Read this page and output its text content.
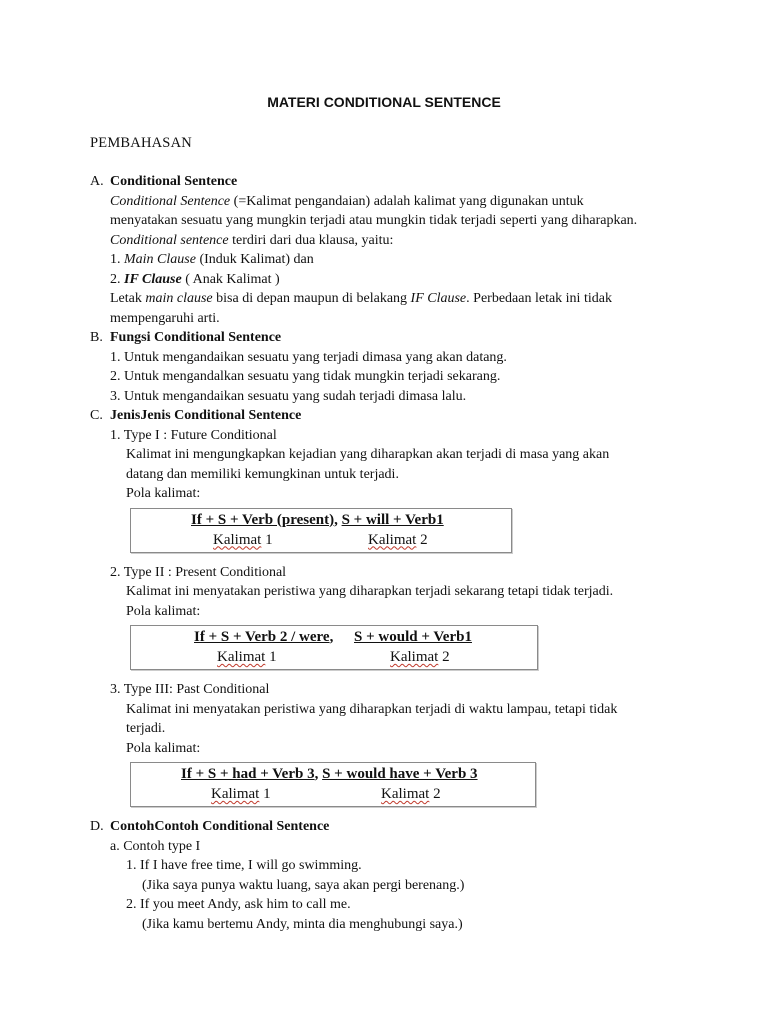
MATERI CONDITIONAL SENTENCE
PEMBAHASAN
A. Conditional Sentence
Conditional Sentence (=Kalimat pengandaian) adalah kalimat yang digunakan untuk
menyatakan sesuatu yang mungkin terjadi atau mungkin tidak terjadi seperti yang diharapkan.
Conditional sentence terdiri dari dua klausa, yaitu:
1. Main Clause (Induk Kalimat) dan
2. IF Clause ( Anak Kalimat )
Letak main clause bisa di depan maupun di belakang IF Clause. Perbedaan letak ini tidak
mempengaruhi arti.
B. Fungsi Conditional Sentence
1. Untuk mengandaikan sesuatu yang terjadi dimasa yang akan datang.
2. Untuk mengandalkan sesuatu yang tidak mungkin terjadi sekarang.
3. Untuk mengandaikan sesuatu yang sudah terjadi dimasa lalu.
C. JenisJenis Conditional Sentence
1. Type I : Future Conditional
Kalimat ini mengungkapkan kejadian yang diharapkan akan terjadi di masa yang akan
datang dan memiliki kemungkinan untuk terjadi.
Pola kalimat:
If + S + Verb (present), S + will + Verb1
Kalimat 1	Kalimat 2
2. Type II : Present Conditional
Kalimat ini menyatakan peristiwa yang diharapkan terjadi sekarang tetapi tidak terjadi.
Pola kalimat:
If + S + Verb 2 / were,	S + would + Verb1
Kalimat 1	Kalimat 2
3. Type III: Past Conditional
Kalimat ini menyatakan peristiwa yang diharapkan terjadi di waktu lampau, tetapi tidak
terjadi.
Pola kalimat:
If + S + had + Verb 3, S + would have + Verb 3
Kalimat 1	Kalimat 2
D. ContohContoh Conditional Sentence
a. Contoh type I
1. If I have free time, I will go swimming.
(Jika saya punya waktu luang, saya akan pergi berenang.)
2. If you meet Andy, ask him to call me.
(Jika kamu bertemu Andy, minta dia menghubungi saya.)
